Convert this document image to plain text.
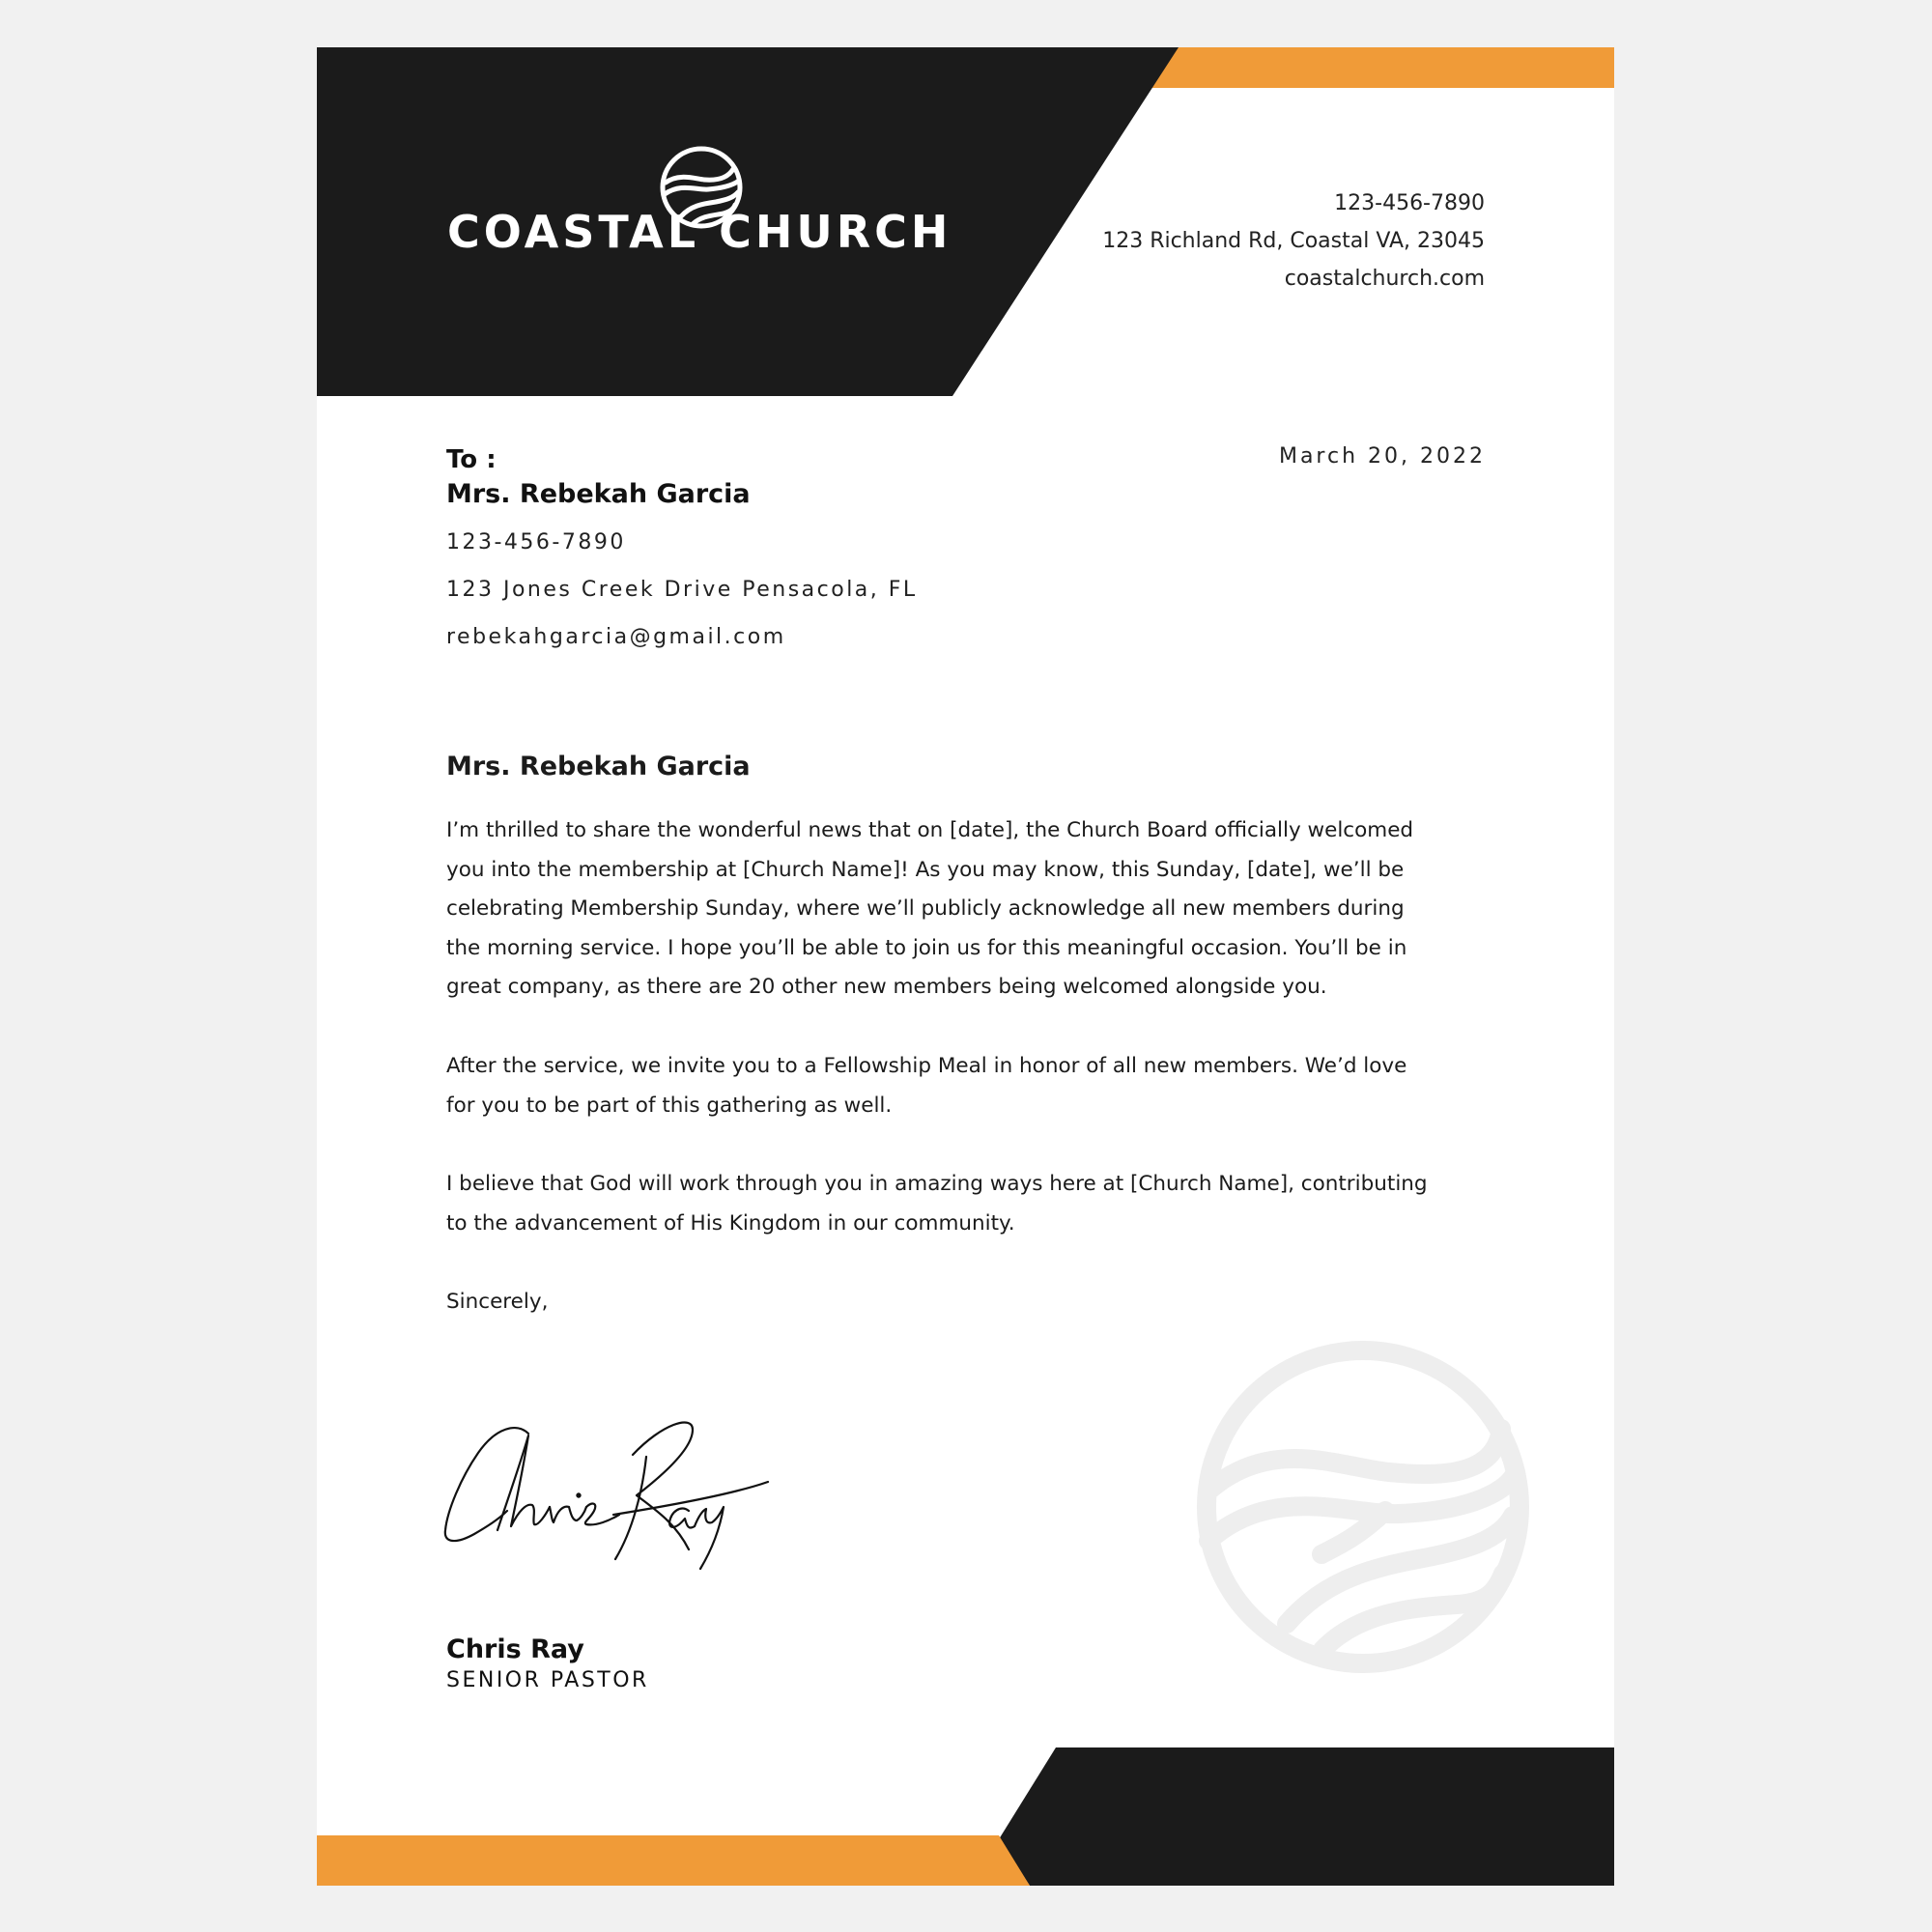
COASTAL CHURCH
123-456-7890
123 Richland Rd, Coastal VA, 23045
coastalchurch.com
March 20, 2022
To :
Mrs. Rebekah Garcia
123-456-7890
123 Jones Creek Drive Pensacola, FL
rebekahgarcia@gmail.com
Mrs. Rebekah Garcia

I’m thrilled to share the wonderful news that on [date], the Church Board officially welcomed you into the membership at [Church Name]! As you may know, this Sunday, [date], we’ll be celebrating Membership Sunday, where we’ll publicly acknowledge all new members during the morning service. I hope you’ll be able to join us for this meaningful occasion. You’ll be in great company, as there are 20 other new members being welcomed alongside you.

After the service, we invite you to a Fellowship Meal in honor of all new members. We’d love for you to be part of this gathering as well.

I believe that God will work through you in amazing ways here at [Church Name], contributing to the advancement of His Kingdom in our community.

Sincerely,

Chris Ray
SENIOR PASTOR
